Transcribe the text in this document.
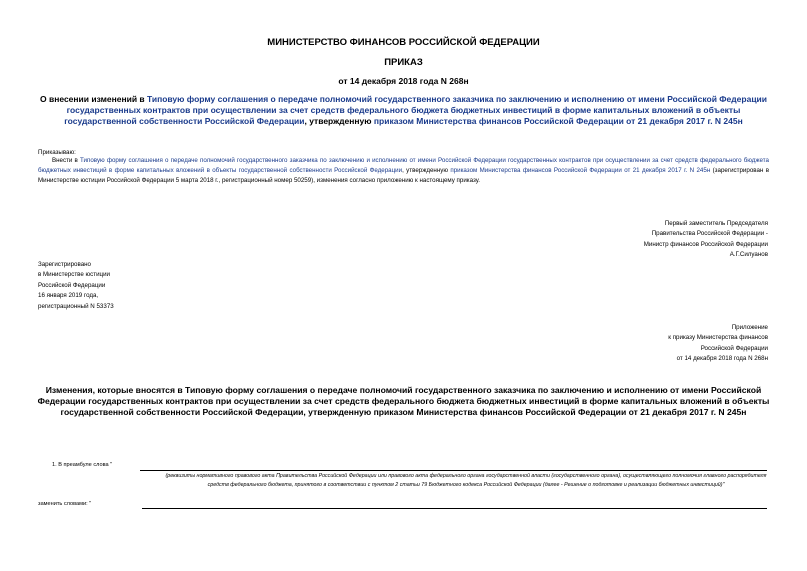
МИНИСТЕРСТВО ФИНАНСОВ РОССИЙСКОЙ ФЕДЕРАЦИИ
ПРИКАЗ
от 14 декабря 2018 года N 268н
О внесении изменений в Типовую форму соглашения о передаче полномочий государственного заказчика по заключению и исполнению от имени Российской Федерации государственных контрактов при осуществлении за счет средств федерального бюджета бюджетных инвестиций в форме капитальных вложений в объекты государственной собственности Российской Федерации, утвержденную приказом Министерства финансов Российской Федерации от 21 декабря 2017 г. N 245н
Приказываю:
Внести в Типовую форму соглашения о передаче полномочий государственного заказчика по заключению и исполнению от имени Российской Федерации государственных контрактов при осуществлении за счет средств федерального бюджета бюджетных инвестиций в форме капитальных вложений в объекты государственной собственности Российской Федерации, утвержденную приказом Министерства финансов Российской Федерации от 21 декабря 2017 г. N 245н (зарегистрирован в Министерстве юстиции Российской Федерации 5 марта 2018 г., регистрационный номер 50259), изменения согласно приложению к настоящему приказу.
Первый заместитель Председателя
Правительства Российской Федерации -
Министр финансов Российской Федерации
А.Г.Силуанов
Зарегистрировано
в Министерстве юстиции
Российской Федерации
16 января 2019 года,
регистрационный N 53373
Приложение
к приказу Министерства финансов
Российской Федерации
от 14 декабря 2018 года N 268н
Изменения, которые вносятся в Типовую форму соглашения о передаче полномочий государственного заказчика по заключению и исполнению от имени Российской Федерации государственных контрактов при осуществлении за счет средств федерального бюджета бюджетных инвестиций в форме капитальных вложений в объекты государственной собственности Российской Федерации, утвержденную приказом Министерства финансов Российской Федерации от 21 декабря 2017 г. N 245н
1. В преамбуле слова "
(реквизиты нормативного правового акта Правительства Российской Федерации или правового акта федерального органа государственной власти (государственного органа), осуществляющего полномочия главного распорядителя средств федерального бюджета, принятого в соответствии с пунктом 2 статьи 79 Бюджетного кодекса Российской Федерации (далее - Решение о подготовке и реализации бюджетных инвестиций)"
заменить словами: "
